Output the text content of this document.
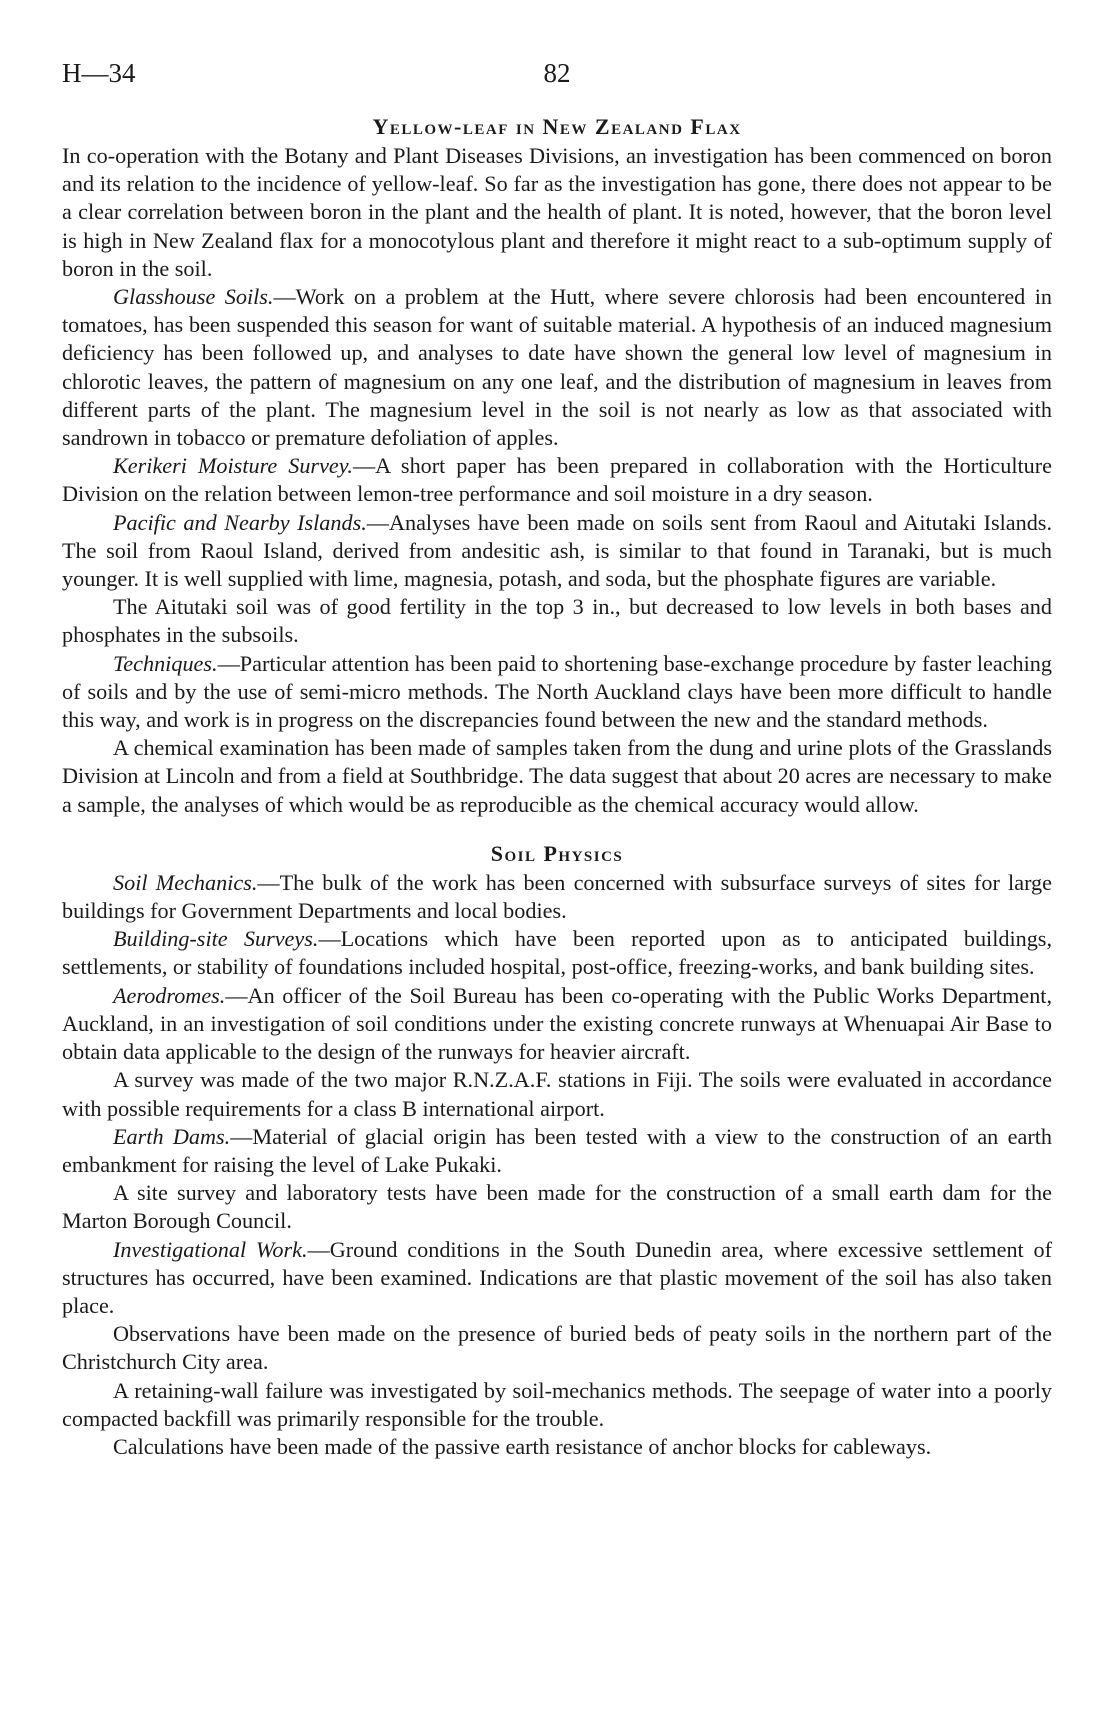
H—34	82
Yellow-leaf in New Zealand Flax

In co-operation with the Botany and Plant Diseases Divisions, an investigation has been commenced on boron and its relation to the incidence of yellow-leaf. So far as the investigation has gone, there does not appear to be a clear correlation between boron in the plant and the health of plant. It is noted, however, that the boron level is high in New Zealand flax for a monocotylous plant and therefore it might react to a sub-optimum supply of boron in the soil.

Glasshouse Soils.—Work on a problem at the Hutt, where severe chlorosis had been encountered in tomatoes, has been suspended this season for want of suitable material. A hypothesis of an induced magnesium deficiency has been followed up, and analyses to date have shown the general low level of magnesium in chlorotic leaves, the pattern of magnesium on any one leaf, and the distribution of magnesium in leaves from different parts of the plant. The magnesium level in the soil is not nearly as low as that associated with sandrown in tobacco or premature defoliation of apples.

Kerikeri Moisture Survey.—A short paper has been prepared in collaboration with the Horticulture Division on the relation between lemon-tree performance and soil moisture in a dry season.

Pacific and Nearby Islands.—Analyses have been made on soils sent from Raoul and Aitutaki Islands. The soil from Raoul Island, derived from andesitic ash, is similar to that found in Taranaki, but is much younger. It is well supplied with lime, magnesia, potash, and soda, but the phosphate figures are variable.

The Aitutaki soil was of good fertility in the top 3 in., but decreased to low levels in both bases and phosphates in the subsoils.

Techniques.—Particular attention has been paid to shortening base-exchange procedure by faster leaching of soils and by the use of semi-micro methods. The North Auckland clays have been more difficult to handle this way, and work is in progress on the discrepancies found between the new and the standard methods.

A chemical examination has been made of samples taken from the dung and urine plots of the Grasslands Division at Lincoln and from a field at Southbridge. The data suggest that about 20 acres are necessary to make a sample, the analyses of which would be as reproducible as the chemical accuracy would allow.

Soil Physics

Soil Mechanics.—The bulk of the work has been concerned with subsurface surveys of sites for large buildings for Government Departments and local bodies.

Building-site Surveys.—Locations which have been reported upon as to anticipated buildings, settlements, or stability of foundations included hospital, post-office, freezing-works, and bank building sites.

Aerodromes.—An officer of the Soil Bureau has been co-operating with the Public Works Department, Auckland, in an investigation of soil conditions under the existing concrete runways at Whenuapai Air Base to obtain data applicable to the design of the runways for heavier aircraft.

A survey was made of the two major R.N.Z.A.F. stations in Fiji. The soils were evaluated in accordance with possible requirements for a class B international airport.

Earth Dams.—Material of glacial origin has been tested with a view to the construction of an earth embankment for raising the level of Lake Pukaki.

A site survey and laboratory tests have been made for the construction of a small earth dam for the Marton Borough Council.

Investigational Work.—Ground conditions in the South Dunedin area, where excessive settlement of structures has occurred, have been examined. Indications are that plastic movement of the soil has also taken place.

Observations have been made on the presence of buried beds of peaty soils in the northern part of the Christchurch City area.

A retaining-wall failure was investigated by soil-mechanics methods. The seepage of water into a poorly compacted backfill was primarily responsible for the trouble.

Calculations have been made of the passive earth resistance of anchor blocks for cableways.
